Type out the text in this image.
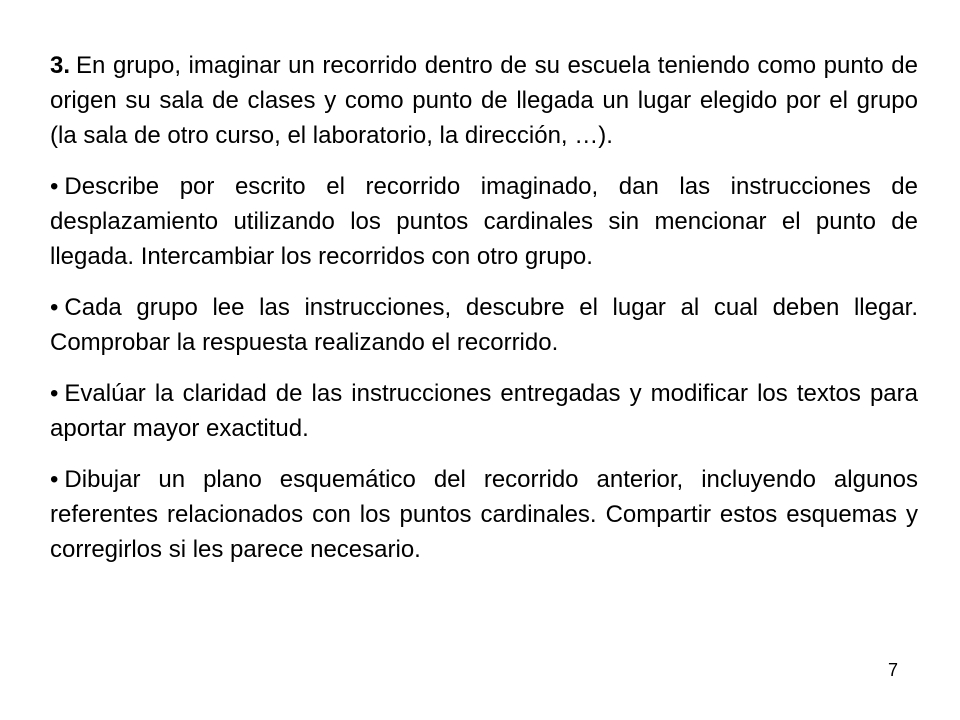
3. En grupo, imaginar un recorrido dentro de su escuela teniendo como punto de origen su sala de clases y como punto de llegada un lugar elegido por el grupo (la sala de otro curso, el laboratorio, la dirección, …).

• Describe por escrito el recorrido imaginado, dan las instrucciones de desplazamiento utilizando los puntos cardinales sin mencionar el punto de llegada. Intercambiar los recorridos con otro grupo.

• Cada grupo lee las instrucciones, descubre el lugar al cual deben llegar. Comprobar la respuesta realizando el recorrido.

• Evalúar la claridad de las instrucciones entregadas y modificar los textos para aportar mayor exactitud.

• Dibujar un plano esquemático del recorrido anterior, incluyendo algunos referentes relacionados con los puntos cardinales. Compartir estos esquemas y corregirlos si les parece necesario.

7
